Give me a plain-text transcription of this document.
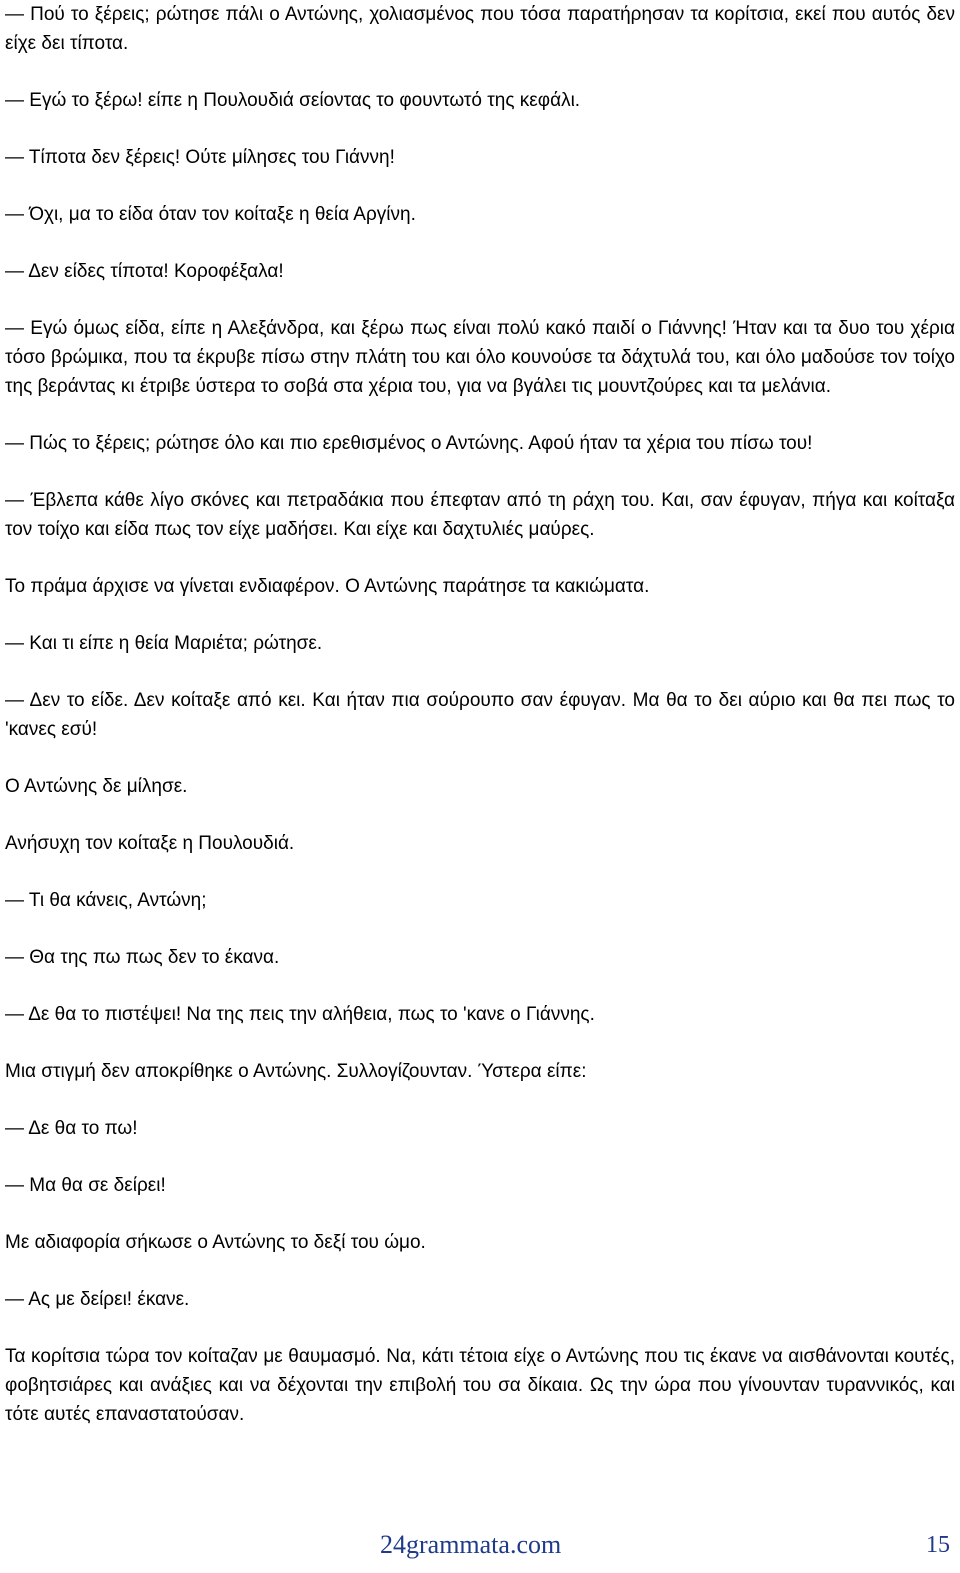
— Πού το ξέρεις; ρώτησε πάλι ο Αντώνης, χολιασμένος που τόσα παρατήρησαν τα κορίτσια, εκεί που αυτός δεν είχε δει τίποτα.

— Εγώ το ξέρω! είπε η Πουλουδιά σείοντας το φουντωτό της κεφάλι.

— Τίποτα δεν ξέρεις! Ούτε μίλησες του Γιάννη!

— Όχι, μα το είδα όταν τον κοίταξε η θεία Αργίνη.

— Δεν είδες τίποτα! Κοροφέξαλα!

— Εγώ όμως είδα, είπε η Αλεξάνδρα, και ξέρω πως είναι πολύ κακό παιδί ο Γιάννης! Ήταν και τα δυο του χέρια τόσο βρώμικα, που τα έκρυβε πίσω στην πλάτη του και όλο κουνούσε τα δάχτυλά του, και όλο μαδούσε τον τοίχο της βεράντας κι έτριβε ύστερα το σοβά στα χέρια του, για να βγάλει τις μουντζούρες και τα μελάνια.

— Πώς το ξέρεις; ρώτησε όλο και πιο ερεθισμένος ο Αντώνης. Αφού ήταν τα χέρια του πίσω του!

— Έβλεπα κάθε λίγο σκόνες και πετραδάκια που έπεφταν από τη ράχη του. Και, σαν έφυγαν, πήγα και κοίταξα τον τοίχο και είδα πως τον είχε μαδήσει. Και είχε και δαχτυλιές μαύρες.

Το πράμα άρχισε να γίνεται ενδιαφέρον. Ο Αντώνης παράτησε τα κακιώματα.

— Και τι είπε η θεία Μαριέτα; ρώτησε.

— Δεν το είδε. Δεν κοίταξε από κει. Και ήταν πια σούρουπο σαν έφυγαν. Μα θα το δει αύριο και θα πει πως το 'κανες εσύ!

Ο Αντώνης δε μίλησε.

Ανήσυχη τον κοίταξε η Πουλουδιά.

— Τι θα κάνεις, Αντώνη;

— Θα της πω πως δεν το έκανα.

— Δε θα το πιστέψει! Να της πεις την αλήθεια, πως το 'κανε ο Γιάννης.

Μια στιγμή δεν αποκρίθηκε ο Αντώνης. Συλλογίζουνταν. Ύστερα είπε:

— Δε θα το πω!

— Μα θα σε δείρει!

Με αδιαφορία σήκωσε ο Αντώνης το δεξί του ώμο.

— Ας με δείρει! έκανε.

Τα κορίτσια τώρα τον κοίταζαν με θαυμασμό. Να, κάτι τέτοια είχε ο Αντώνης που τις έκανε να αισθάνονται κουτές, φοβητσιάρες και ανάξιες και να δέχονται την επιβολή του σα δίκαια. Ως την ώρα που γίνουνταν τυραννικός, και τότε αυτές επαναστατούσαν.

24grammata.com	15
